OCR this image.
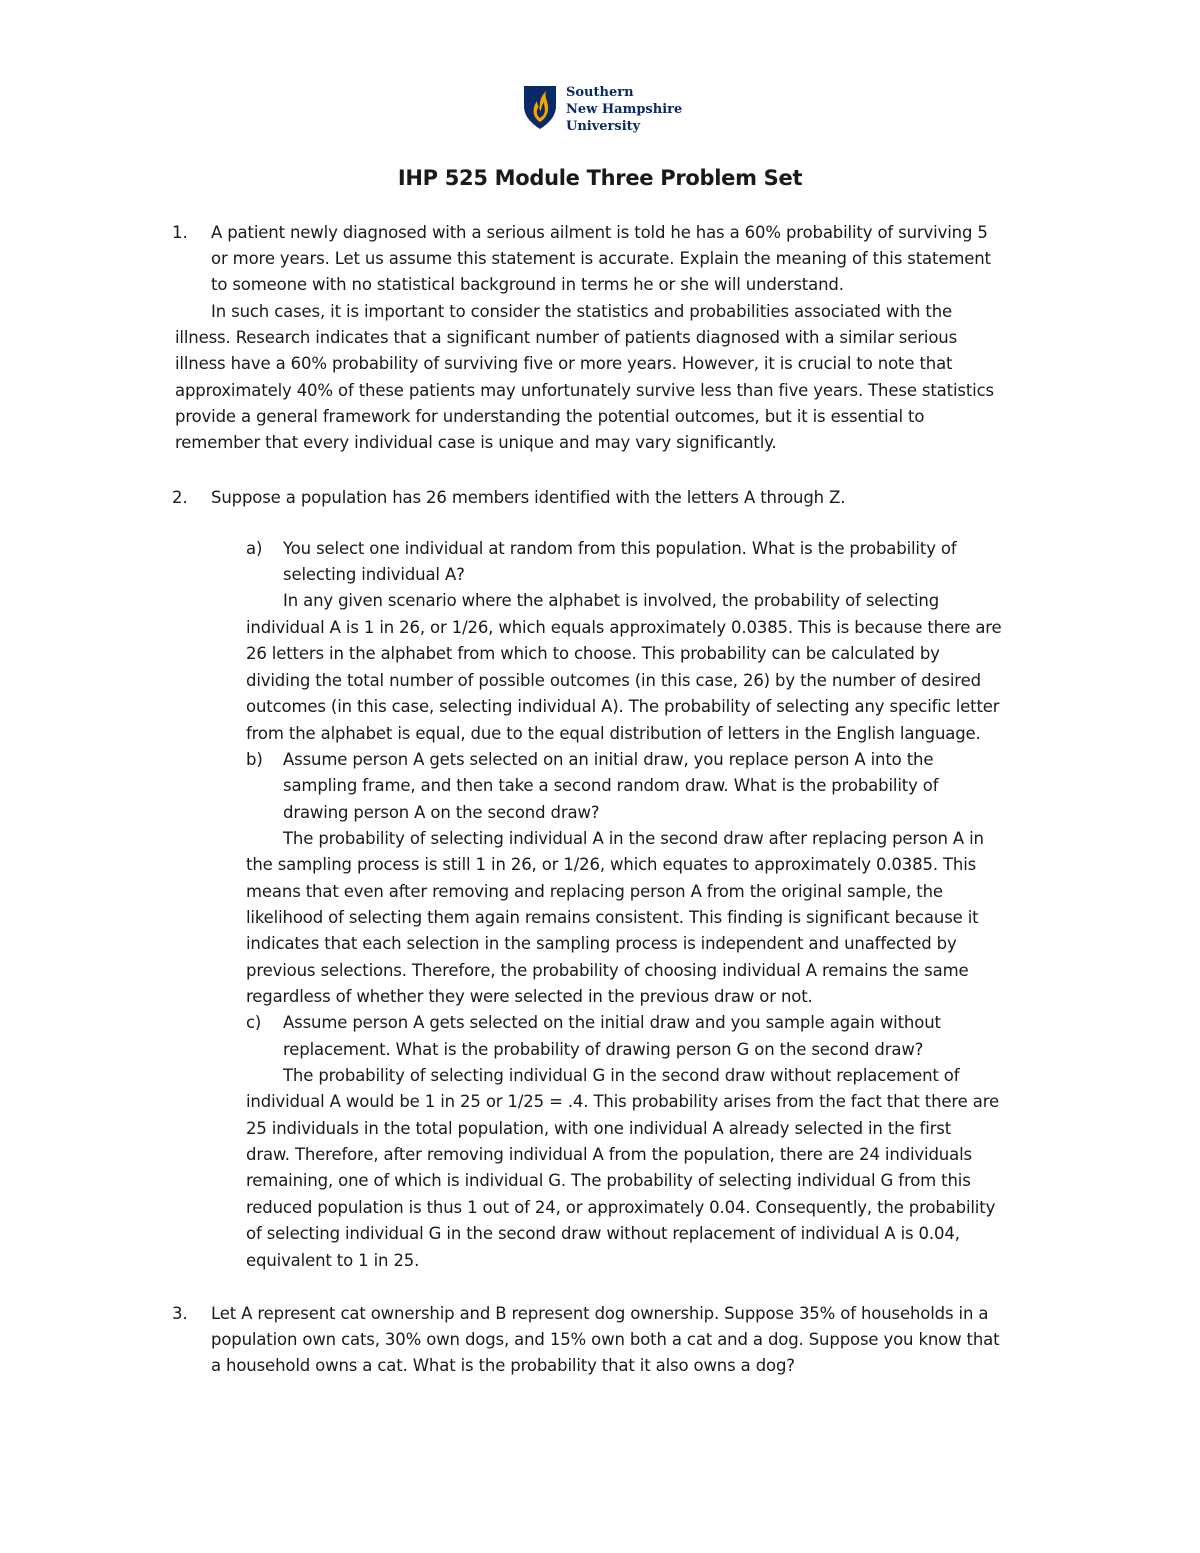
Southern
New Hampshire
University
IHP 525 Module Three Problem Set
1. A patient newly diagnosed with a serious ailment is told he has a 60% probability of surviving 5
or more years. Let us assume this statement is accurate. Explain the meaning of this statement
to someone with no statistical background in terms he or she will understand.
In such cases, it is important to consider the statistics and probabilities associated with the
illness. Research indicates that a significant number of patients diagnosed with a similar serious
illness have a 60% probability of surviving five or more years. However, it is crucial to note that
approximately 40% of these patients may unfortunately survive less than five years. These statistics
provide a general framework for understanding the potential outcomes, but it is essential to
remember that every individual case is unique and may vary significantly.
2. Suppose a population has 26 members identified with the letters A through Z.
a) You select one individual at random from this population. What is the probability of
selecting individual A?
In any given scenario where the alphabet is involved, the probability of selecting
individual A is 1 in 26, or 1/26, which equals approximately 0.0385. This is because there are
26 letters in the alphabet from which to choose. This probability can be calculated by
dividing the total number of possible outcomes (in this case, 26) by the number of desired
outcomes (in this case, selecting individual A). The probability of selecting any specific letter
from the alphabet is equal, due to the equal distribution of letters in the English language.
b) Assume person A gets selected on an initial draw, you replace person A into the
sampling frame, and then take a second random draw. What is the probability of
drawing person A on the second draw?
The probability of selecting individual A in the second draw after replacing person A in
the sampling process is still 1 in 26, or 1/26, which equates to approximately 0.0385. This
means that even after removing and replacing person A from the original sample, the
likelihood of selecting them again remains consistent. This finding is significant because it
indicates that each selection in the sampling process is independent and unaffected by
previous selections. Therefore, the probability of choosing individual A remains the same
regardless of whether they were selected in the previous draw or not.
c) Assume person A gets selected on the initial draw and you sample again without
replacement. What is the probability of drawing person G on the second draw?
The probability of selecting individual G in the second draw without replacement of
individual A would be 1 in 25 or 1/25 = .4. This probability arises from the fact that there are
25 individuals in the total population, with one individual A already selected in the first
draw. Therefore, after removing individual A from the population, there are 24 individuals
remaining, one of which is individual G. The probability of selecting individual G from this
reduced population is thus 1 out of 24, or approximately 0.04. Consequently, the probability
of selecting individual G in the second draw without replacement of individual A is 0.04,
equivalent to 1 in 25.
3. Let A represent cat ownership and B represent dog ownership. Suppose 35% of households in a
population own cats, 30% own dogs, and 15% own both a cat and a dog. Suppose you know that
a household owns a cat. What is the probability that it also owns a dog?
